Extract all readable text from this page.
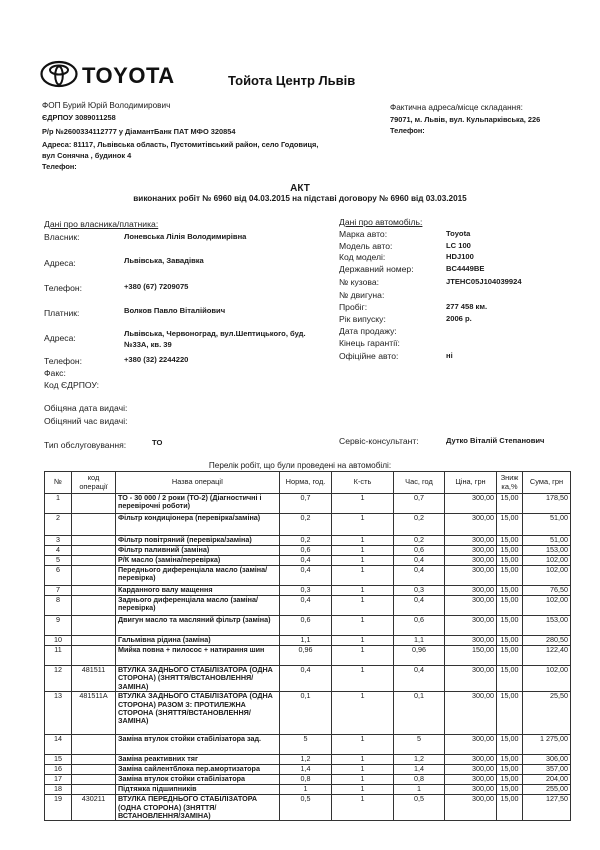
TOYOTA	Тойота Центр Львів
ФОП Бурий Юрій Володимирович
ЄДРПОУ 3089011258
Р/р №2600334112777 у ДіамантБанк ПАТ МФО 320854
Адреса: 81117, Львівська область, Пустомитівський район, село Годовиця,
вул Сонячна , будинок 4
Телефон:
Фактична адреса/місце складання:
79071, м. Львів, вул. Кульпарківська, 226
Телефон:
АКТ
виконаних робіт № 6960 від 04.03.2015 на підставі договору № 6960 від 03.03.2015
Дані про власника/платника:
Власник:	Лоневська Лілія Володимирівна
Адреса:	Львівська, Завадівка
Телефон:	+380 (67) 7209075
Платник:	Волков Павло Віталійович
Адреса:	Львівська, Червоноград, вул.Шептицького, буд.
№33А, кв. 39
Телефон:	+380 (32) 2244220
Факс:
Код ЄДРПОУ:
Дані про автомобіль:
Марка авто:	Toyota
Модель авто:	LC 100
Код моделі:	HDJ100
Державний номер:	BC4449BE
№ кузова:	JTEHC05J104039924
№ двигуна:
Пробіг:	277 458 км.
Рік випуску:	2006 р.
Дата продажу:
Кінець гарантії:
Офіційне авто:	ні
Обіцяна дата видачі:
Обіцяний час видачі:
Тип обслуговування:	ТО	Сервіс-консультант:	Дутко Віталій Степанович
Перелік робіт, що були проведені на автомобілі:
№	код операції	Назва операції	Норма, год.	К-сть	Час, год	Ціна, грн	Зниж ка,%	Сума, грн
1		ТО - 30 000 / 2 роки (ТО-2) (Діагностичні і перевірочні роботи)	0,7	1	0,7	300,00	15,00	178,50
2		Фільтр кондиціонера (перевірка/заміна)	0,2	1	0,2	300,00	15,00	51,00
3		Фільтр повітряний (перевірка/заміна)	0,2	1	0,2	300,00	15,00	51,00
4		Фільтр паливний (заміна)	0,6	1	0,6	300,00	15,00	153,00
5		Р/К масло (заміна/перевірка)	0,4	1	0,4	300,00	15,00	102,00
6		Передньогo диференціала масло (заміна/перевірка)	0,4	1	0,4	300,00	15,00	102,00
7		Карданного валу мащення	0,3	1	0,3	300,00	15,00	76,50
8		Заднього диференціала масло (заміна/перевірка)	0,4	1	0,4	300,00	15,00	102,00
9		Двигун масло та масляний фільтр (заміна)	0,6	1	0,6	300,00	15,00	153,00
10		Гальмівна рідина (заміна)	1,1	1	1,1	300,00	15,00	280,50
11		Мийка повна + пилосос + натирання шин	0,96	1	0,96	150,00	15,00	122,40
12	481511	ВТУЛКА ЗАДНЬОГО СТАБІЛІЗАТОРА (ОДНА СТОРОНА) (ЗНЯТТЯ/ВСТАНОВЛЕННЯ/ЗАМІНА)	0,4	1	0,4	300,00	15,00	102,00
13	481511A	ВТУЛКА ЗАДНЬОГО СТАБІЛІЗАТОРА (ОДНА СТОРОНА) РАЗОМ З: ПРОТИЛЕЖНА СТОРОНА (ЗНЯТТЯ/ВСТАНОВЛЕННЯ/ЗАМІНА)	0,1	1	0,1	300,00	15,00	25,50
14		Заміна втулок стойки стабілізатора зад.	5	1	5	300,00	15,00	1 275,00
15		Заміна реактивних тяг	1,2	1	1,2	300,00	15,00	306,00
16		Заміна сайлентблока пер.амортизатора	1,4	1	1,4	300,00	15,00	357,00
17		Заміна втулок стойки стабілізатора	0,8	1	0,8	300,00	15,00	204,00
18		Підтяжка підшипників	1	1	1	300,00	15,00	255,00
19	430211	ВТУЛКА ПЕРЕДНЬОГО СТАБІЛІЗАТОРА (ОДНА СТОРОНА) (ЗНЯТТЯ/ВСТАНОВЛЕННЯ/ЗАМІНА)	0,5	1	0,5	300,00	15,00	127,50
